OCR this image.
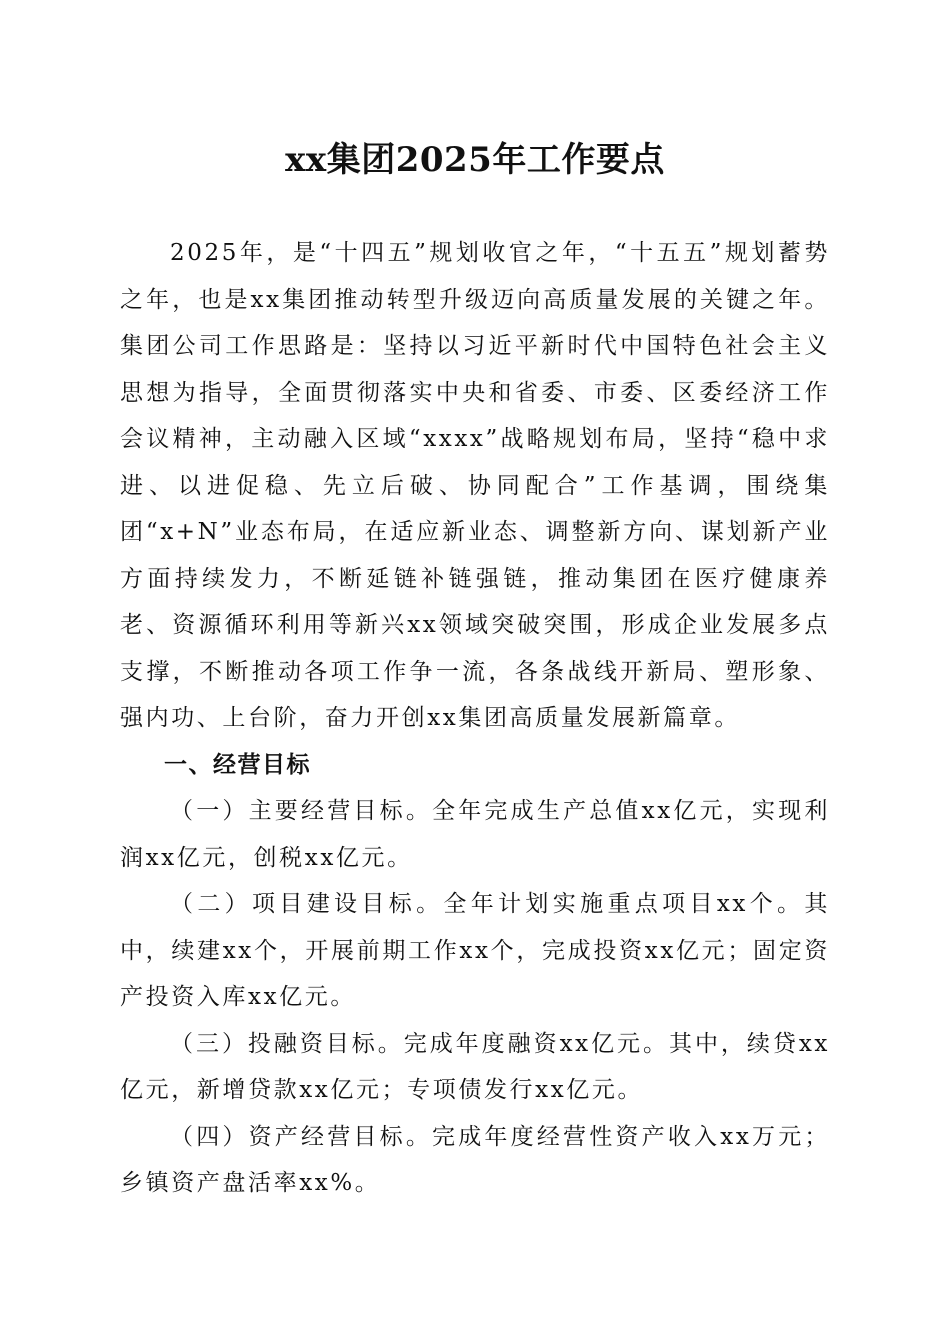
xx集团2025年工作要点

2025年，是“十四五”规划收官之年，“十五五”规划蓄势之年，也是xx集团推动转型升级迈向高质量发展的关键之年。集团公司工作思路是：坚持以习近平新时代中国特色社会主义思想为指导，全面贯彻落实中央和省委、市委、区委经济工作会议精神，主动融入区域“xxxx”战略规划布局，坚持“稳中求进、以进促稳、先立后破、协同配合”工作基调，围绕集团“x+N”业态布局，在适应新业态、调整新方向、谋划新产业方面持续发力，不断延链补链强链，推动集团在医疗健康养老、资源循环利用等新兴xx领域突破突围，形成企业发展多点支撑，不断推动各项工作争一流，各条战线开新局、塑形象、强内功、上台阶，奋力开创xx集团高质量发展新篇章。

一、经营目标

（一）主要经营目标。全年完成生产总值xx亿元，实现利润xx亿元，创税xx亿元。

（二）项目建设目标。全年计划实施重点项目xx个。其中，续建xx个，开展前期工作xx个，完成投资xx亿元；固定资产投资入库xx亿元。

（三）投融资目标。完成年度融资xx亿元。其中，续贷xx亿元，新增贷款xx亿元；专项债发行xx亿元。

（四）资产经营目标。完成年度经营性资产收入xx万元；乡镇资产盘活率xx%。
